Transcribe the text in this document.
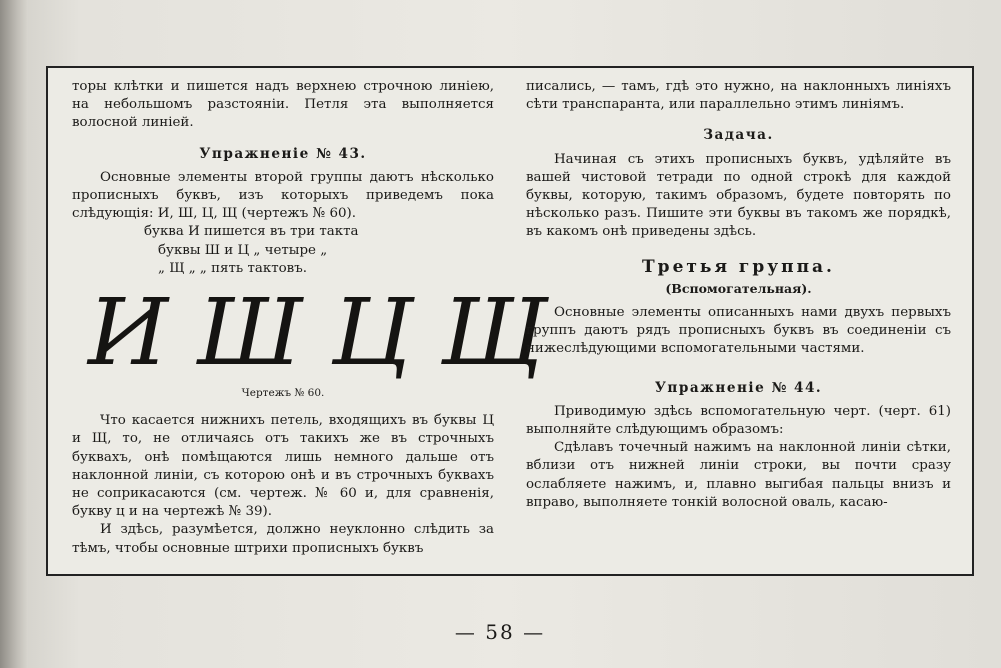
торы клѣтки и пишется надъ верхнею строчною линіею, на небольшомъ разстояніи. Петля эта выполняется волосной линіей.

Упражненіе № 43.

Основные элементы второй группы даютъ нѣсколько прописныхъ буквъ, изъ которыхъ приведемъ пока слѣдующія: И, Ш, Ц, Щ (чертежъ № 60).

буква И пишется въ три такта

буквы Ш и Ц „ четыре „

„ Щ „ „ пять тактовъ.

И Ш Ц Щ
Чертежъ № 60.

Что касается нижнихъ петель, входящихъ въ буквы Ц и Щ, то, не отличаясь отъ такихъ же въ строчныхъ буквахъ, онѣ помѣщаются лишь немного дальше отъ наклонной линіи, съ которою онѣ и въ строчныхъ буквахъ не соприкасаются (см. чертеж. № 60 и, для сравненія, букву ц и на чертежѣ № 39).

И здѣсь, разумѣется, должно неуклонно слѣдить за тѣмъ, чтобы основные штрихи прописныхъ буквъ

писались, — тамъ, гдѣ это нужно, на наклонныхъ линіяхъ сѣти транспаранта, или параллельно этимъ линіямъ.

Задача.

Начиная съ этихъ прописныхъ буквъ, удѣляйте въ вашей чистовой тетради по одной строкѣ для каждой буквы, которую, такимъ образомъ, будете повторять по нѣсколько разъ. Пишите эти буквы въ такомъ же порядкѣ, въ какомъ онѣ приведены здѣсь.

Третья группа.
(Вспомогательная).

Основные элементы описанныхъ нами двухъ первыхъ группъ даютъ рядъ прописныхъ буквъ въ соединеніи съ нижеслѣдующими вспомогательными частями.

Упражненіе № 44.

Приводимую здѣсь вспомогательную черт. (черт. 61) выполняйте слѣдующимъ образомъ:

Сдѣлавъ точечный нажимъ на наклонной линіи сѣтки, вблизи отъ нижней линіи строки, вы почти сразу ослабляете нажимъ, и, плавно выгибая пальцы внизъ и вправо, выполняете тонкій волосной оваль, касаю-

— 58 —
